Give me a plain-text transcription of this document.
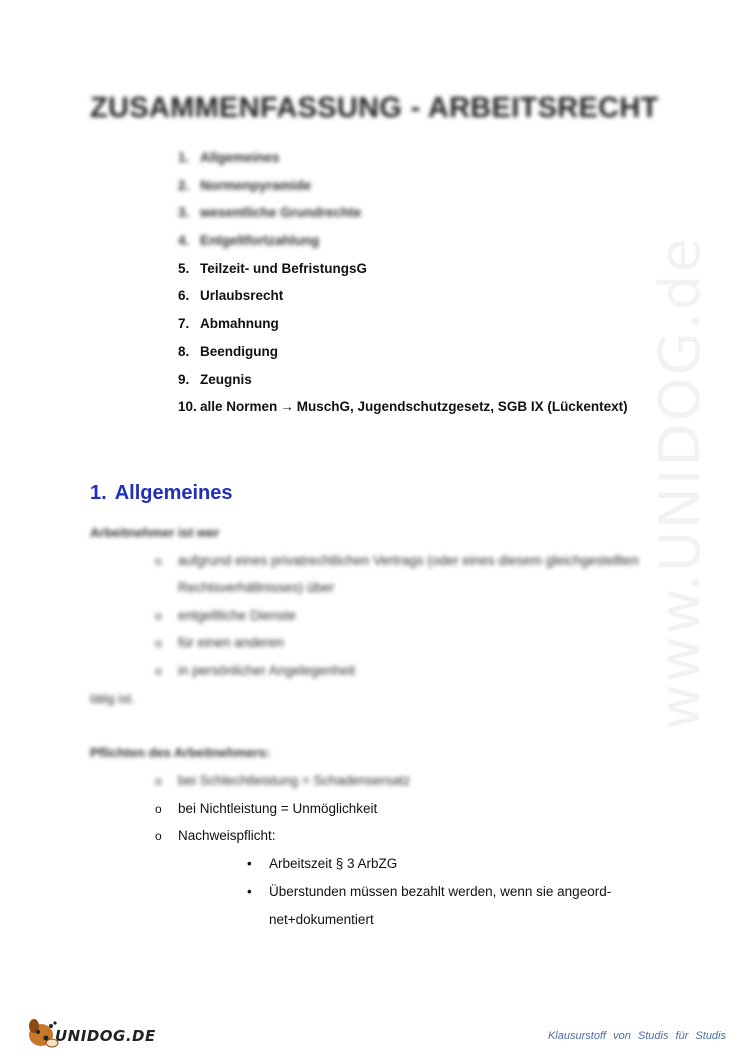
www.UNIDOG.de
ZUSAMMENFASSUNG - ARBEITSRECHT
1. Allgemeines
2. Normenpyramide
3. wesentliche Grundrechte
4. Entgeltfortzahlung
5. Teilzeit- und BefristungsG
6. Urlaubsrecht
7. Abmahnung
8. Beendigung
9. Zeugnis
10. alle Normen → MuschG, Jugendschutzgesetz, SGB IX (Lückentext)
1. Allgemeines
Arbeitnehmer ist wer
o aufgrund eines privatrechtlichen Vertrags (oder eines diesem gleichgestellten
Rechtsverhältnisses) über
o entgeltliche Dienste
o für einen anderen
o in persönlicher Angelegenheit
tätig ist.
Pflichten des Arbeitnehmers:
o bei Schlechtleistung = Schadensersatz
o bei Nichtleistung = Unmöglichkeit
o Nachweispflicht:
• Arbeitszeit § 3 ArbZG
• Überstunden müssen bezahlt werden, wenn sie angeord-
net+dokumentiert
UNIDOG.DE	Klausurstoff von Studis für Studis
